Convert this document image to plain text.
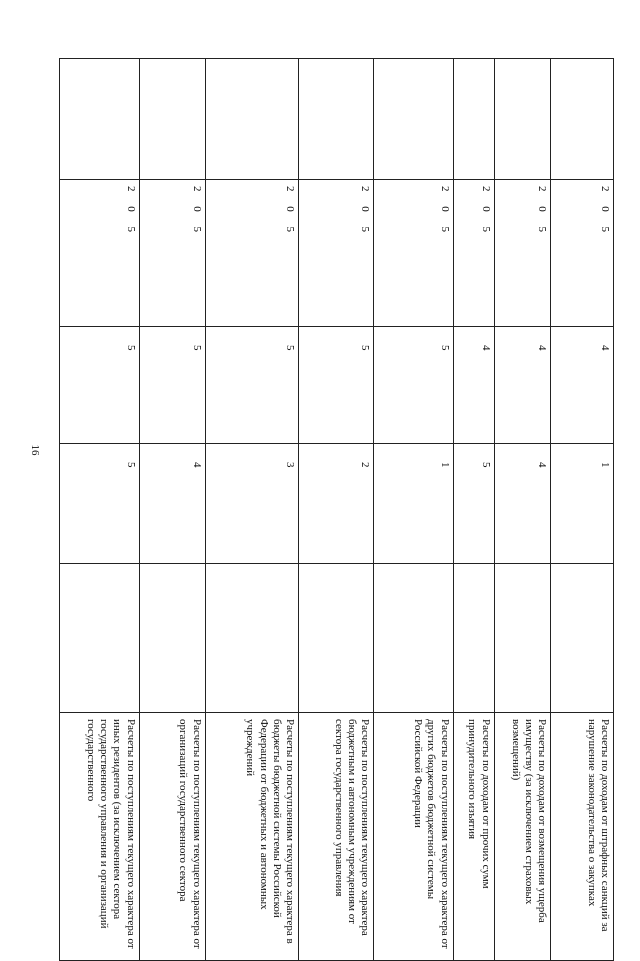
16
	2 0 5	4	1		Расчеты по доходам от штрафных санкций за нарушение законодательства о закупках
	2 0 5	4	4		Расчеты по доходам от возмещения ущерба имуществу (за исключением страховых возмещений)
	2 0 5	4	5		Расчеты по доходам от прочих сумм принудительного изъятия
	2 0 5	5	1		Расчеты по поступлениям текущего характера от других бюджетов бюджетной системы Российской Федерации
	2 0 5	5	2		Расчеты по поступлениям текущего характера бюджетным и автономным учреждениям от сектора государственного управления
	2 0 5	5	3		Расчеты по поступлениям текущего характера в бюджеты бюджетной системы Российской Федерации от бюджетных и автономных учреждений
	2 0 5	5	4		Расчеты по поступлениям текущего характера от организаций государственного сектора
	2 0 5	5	5		Расчеты по поступлениям текущего характера от иных резидентов (за исключением сектора государственного управления и организаций государственного
